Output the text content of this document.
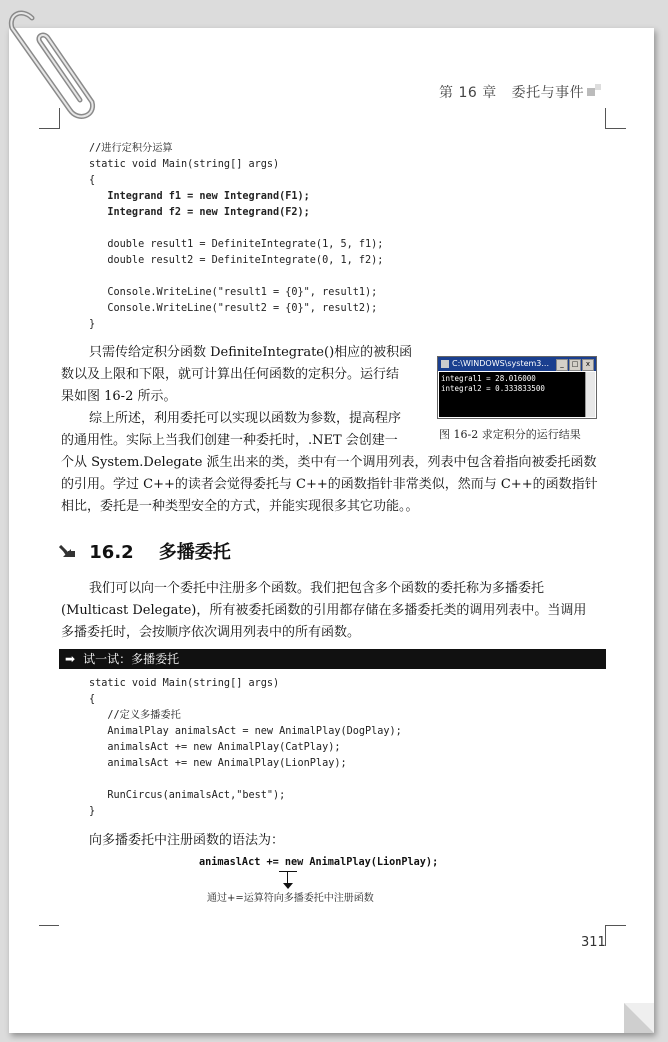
第 16 章 委托与事件
//进行定积分运算
static void Main(string[] args)
{
Integrand f1 = new Integrand(F1);
Integrand f2 = new Integrand(F2);

double result1 = DefiniteIntegrate(1, 5, f1);
double result2 = DefiniteIntegrate(0, 1, f2);

Console.WriteLine("result1 = {0}", result1);
Console.WriteLine("result2 = {0}", result2);
}
只需传给定积分函数 DefiniteIntegrate()相应的被积函
数以及上限和下限，就可计算出任何函数的定积分。运行结
果如图 16-2 所示。
综上所述，利用委托可以实现以函数为参数，提高程序
的通用性。实际上当我们创建一种委托时，.NET 会创建一
个从 System.Delegate 派生出来的类，类中有一个调用列表，列表中包含着指向被委托函数
的引用。学过 C++的读者会觉得委托与 C++的函数指针非常类似，然而与 C++的函数指针
相比，委托是一种类型安全的方式，并能实现很多其它功能。。
C:\WINDOWS\system3...	_	□	x
integral1 = 28.016000
integral2 = 0.333833500
图 16-2 求定积分的运行结果
16.2 多播委托
我们可以向一个委托中注册多个函数。我们把包含多个函数的委托称为多播委托
(Multicast Delegate)，所有被委托函数的引用都存储在多播委托类的调用列表中。当调用
多播委托时，会按顺序依次调用列表中的所有函数。
➡ 试一试：多播委托
static void Main(string[] args)
{
//定义多播委托
AnimalPlay animalsAct = new AnimalPlay(DogPlay);
animalsAct += new AnimalPlay(CatPlay);
animalsAct += new AnimalPlay(LionPlay);

RunCircus(animalsAct,"best");
}
向多播委托中注册函数的语法为：
animaslAct += new AnimalPlay(LionPlay);
通过+=运算符向多播委托中注册函数
311
